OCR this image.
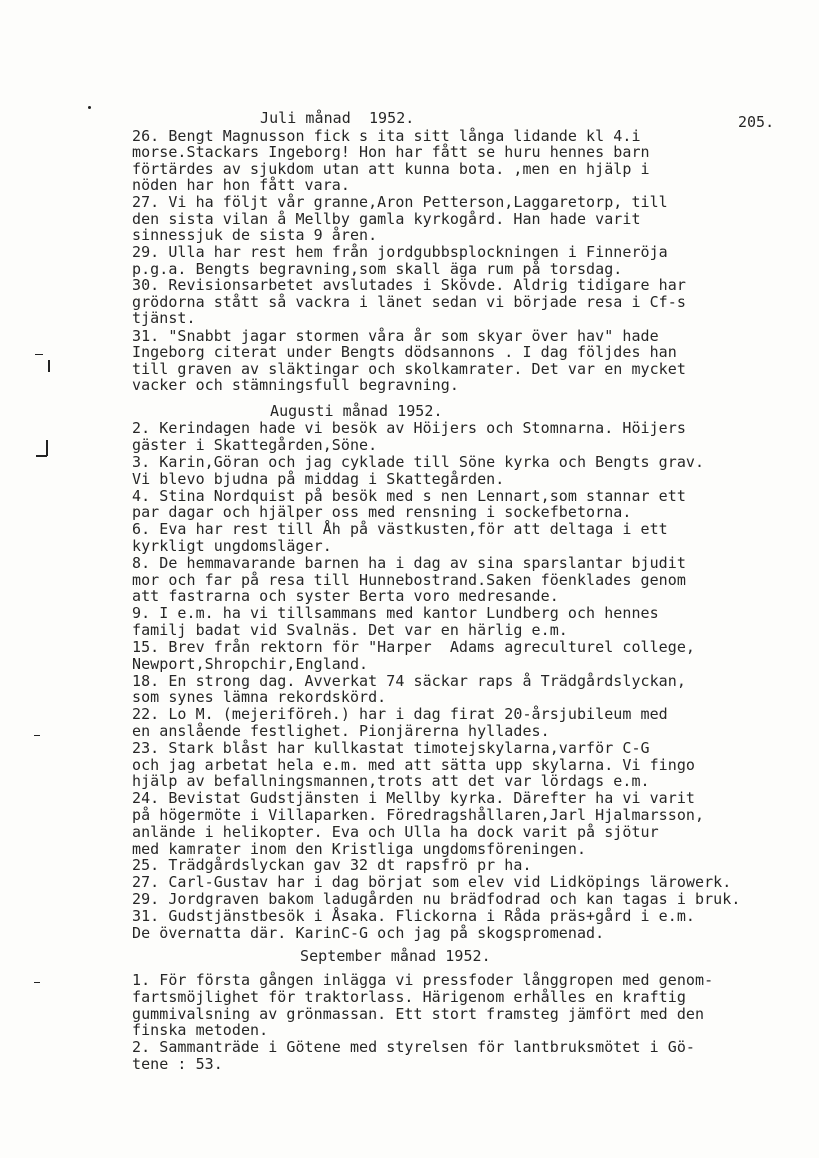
205.
Juli månad  1952.
26. Bengt Magnusson fick s ita sitt långa lidande kl 4.i
morse.Stackars Ingeborg! Hon har fått se huru hennes barn
förtärdes av sjukdom utan att kunna bota. ,men en hjälp i
nöden har hon fått vara.
27. Vi ha följt vår granne,Aron Petterson,Laggaretorp, till
den sista vilan å Mellby gamla kyrkogård. Han hade varit
sinnessjuk de sista 9 åren.
29. Ulla har rest hem från jordgubbsplockningen i Finneröja
p.g.a. Bengts begravning,som skall äga rum på torsdag.
30. Revisionsarbetet avslutades i Skövde. Aldrig tidigare har
grödorna stått så vackra i länet sedan vi började resa i Cf-s
tjänst.
31. "Snabbt jagar stormen våra år som skyar över hav" hade
Ingeborg citerat under Bengts dödsannons . I dag följdes han
till graven av släktingar och skolkamrater. Det var en mycket
vacker och stämningsfull begravning.
Augusti månad 1952.
2. Kerindagen hade vi besök av Höijers och Stomnarna. Höijers
gäster i Skattegården,Söne.
3. Karin,Göran och jag cyklade till Söne kyrka och Bengts grav.
Vi blevo bjudna på middag i Skattegården.
4. Stina Nordquist på besök med s nen Lennart,som stannar ett
par dagar och hjälper oss med rensning i sockefbetorna.
6. Eva har rest till Åh på västkusten,för att deltaga i ett
kyrkligt ungdomsläger.
8. De hemmavarande barnen ha i dag av sina sparslantar bjudit
mor och far på resa till Hunnebostrand.Saken föenklades genom
att fastrarna och syster Berta voro medresande.
9. I e.m. ha vi tillsammans med kantor Lundberg och hennes
familj badat vid Svalnäs. Det var en härlig e.m.
15. Brev från rektorn för "Harper  Adams agreculturel college,
Newport,Shropchir,England.
18. En strong dag. Avverkat 74 säckar raps å Trädgårdslyckan,
som synes lämna rekordskörd.
22. Lo M. (mejeriföreh.) har i dag firat 20-årsjubileum med
en anslående festlighet. Pionjärerna hyllades.
23. Stark blåst har kullkastat timotejskylarna,varför C-G
och jag arbetat hela e.m. med att sätta upp skylarna. Vi fingo
hjälp av befallningsmannen,trots att det var lördags e.m.
24. Bevistat Gudstjänsten i Mellby kyrka. Därefter ha vi varit
på högermöte i Villaparken. Föredragshållaren,Jarl Hjalmarsson,
anlände i helikopter. Eva och Ulla ha dock varit på sjötur
med kamrater inom den Kristliga ungdomsföreningen.
25. Trädgårdslyckan gav 32 dt rapsfrö pr ha.
27. Carl-Gustav har i dag börjat som elev vid Lidköpings lärowerk.
29. Jordgraven bakom ladugården nu brädfodrad och kan tagas i bruk.
31. Gudstjänstbesök i Åsaka. Flickorna i Råda präs+gård i e.m.
De övernatta där. KarinC-G och jag på skogspromenad.
September månad 1952.
1. För första gången inlägga vi pressfoder långgropen med genom-
fartsmöjlighet för traktorlass. Härigenom erhålles en kraftig
gummivalsning av grönmassan. Ett stort framsteg jämfört med den
finska metoden.
2. Sammanträde i Götene med styrelsen för lantbruksmötet i Gö-
tene : 53.
